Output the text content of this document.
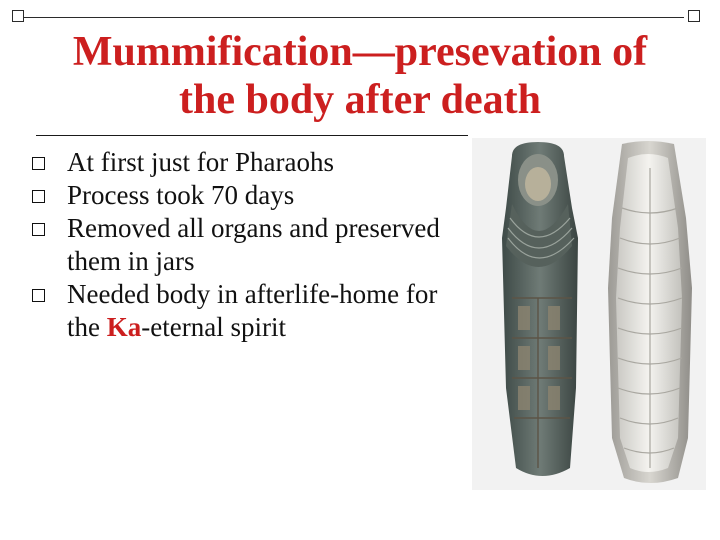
Mummification—presevation of
the body after death
At first just for Pharaohs
Process took 70 days
Removed all organs and preserved them in jars
Needed body in afterlife-home for the Ka-eternal spirit
